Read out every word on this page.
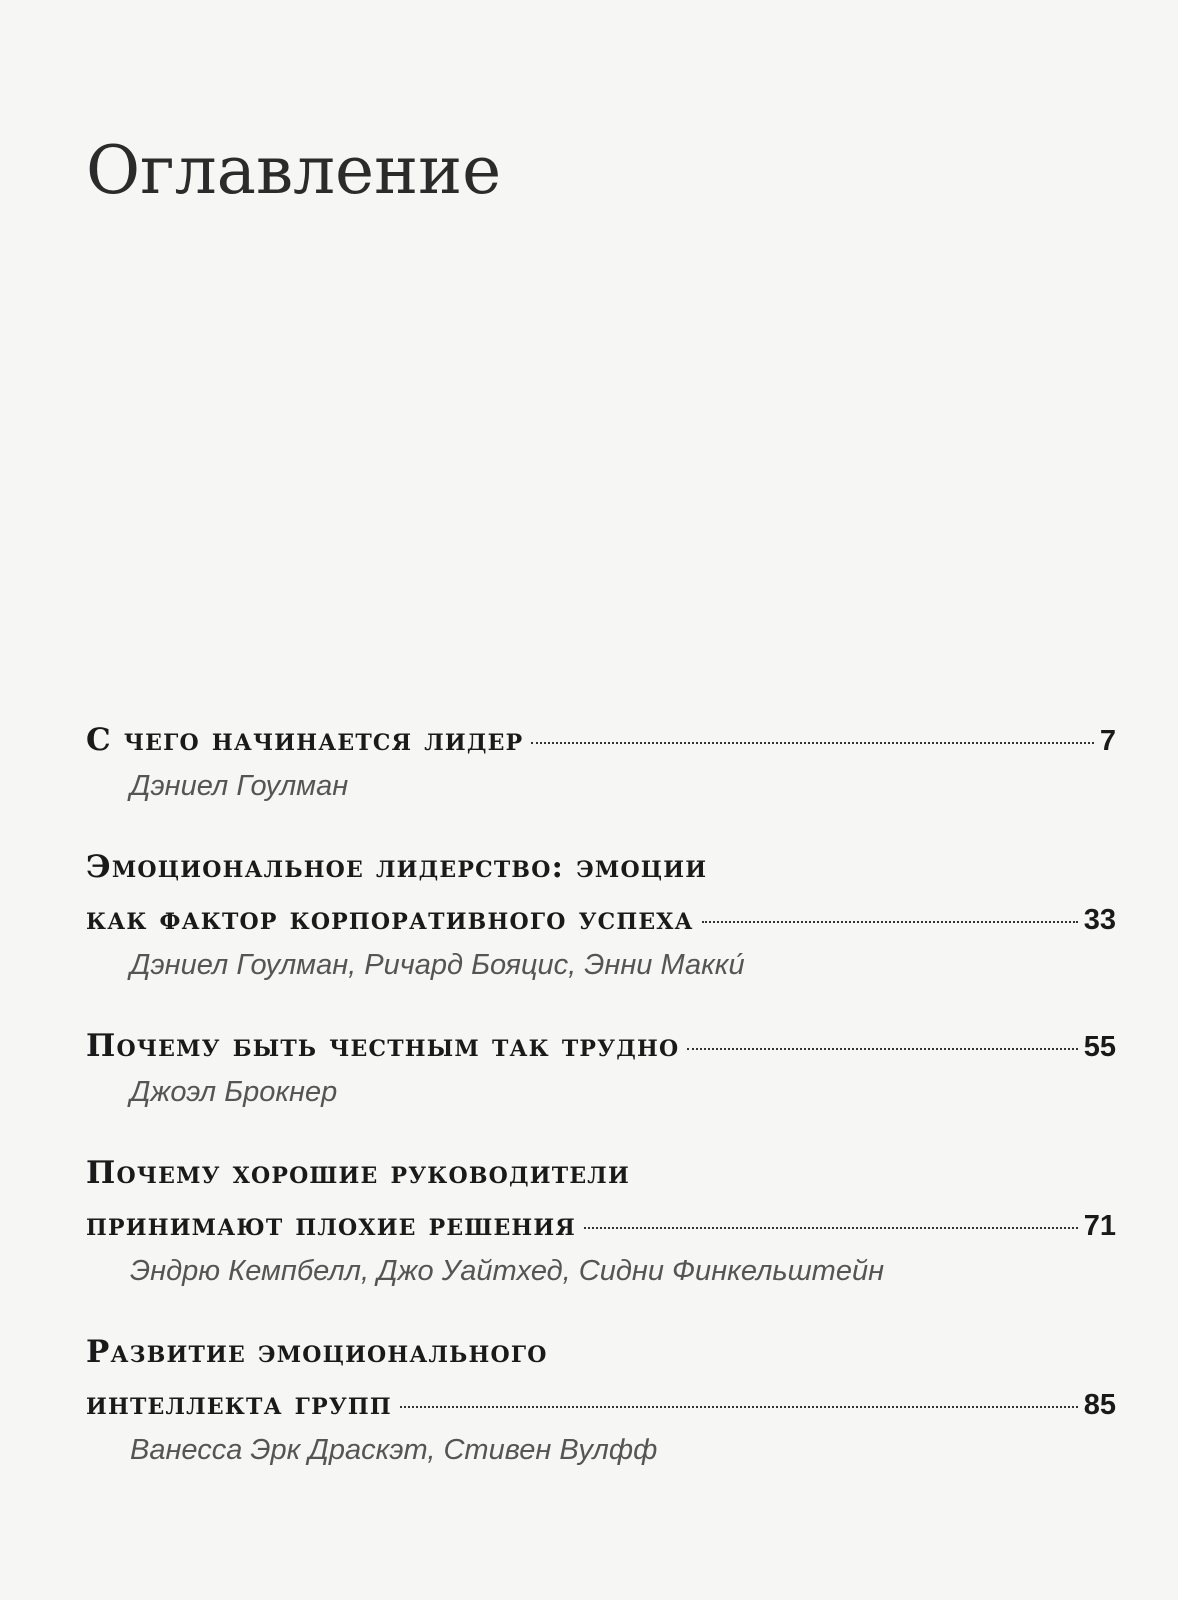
Оглавление
С чего начинается лидер	7
Дэниел Гоулман
Эмоциональное лидерство: эмоции
как фактор корпоративного успеха	33
Дэниел Гоулман, Ричард Бояцис, Энни Макки́
Почему быть честным так трудно	55
Джоэл Брокнер
Почему хорошие руководители
принимают плохие решения	71
Эндрю Кемпбелл, Джо Уайтхед, Сидни Финкельштейн
Развитие эмоционального
интеллекта групп	85
Ванесса Эрк Драскэт, Стивен Вулфф
